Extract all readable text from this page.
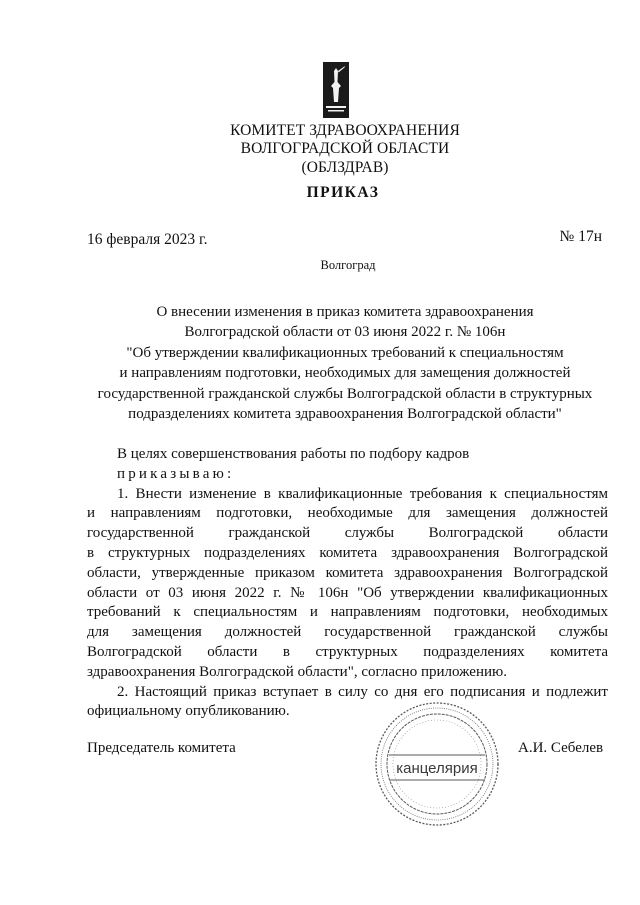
КОМИТЕТ ЗДРАВООХРАНЕНИЯ
ВОЛГОГРАДСКОЙ ОБЛАСТИ
(ОБЛЗДРАВ)
ПРИКАЗ
16 февраля 2023 г.	№ 17н
Волгоград
О внесении изменения в приказ комитета здравоохранения
Волгоградской области от 03 июня 2022 г. № 106н
"Об утверждении квалификационных требований к специальностям
и направлениям подготовки, необходимых для замещения должностей
государственной гражданской службы Волгоградской области в структурных
подразделениях комитета здравоохранения Волгоградской области"
В целях совершенствования работы по подбору кадров
приказываю:
1. Внести изменение в квалификационные требования к специальностям
и направлениям подготовки, необходимые для замещения должностей
государственной гражданской службы Волгоградской области
в структурных подразделениях комитета здравоохранения Волгоградской
области, утвержденные приказом комитета здравоохранения Волгоградской
области от 03 июня 2022 г. № 106н "Об утверждении квалификационных
требований к специальностям и направлениям подготовки, необходимых
для замещения должностей государственной гражданской службы
Волгоградской области в структурных подразделениях комитета
здравоохранения Волгоградской области", согласно приложению.
2. Настоящий приказ вступает в силу со дня его подписания и подлежит
официальному опубликованию.
Председатель комитета	А.И. Себелев
канцелярия
